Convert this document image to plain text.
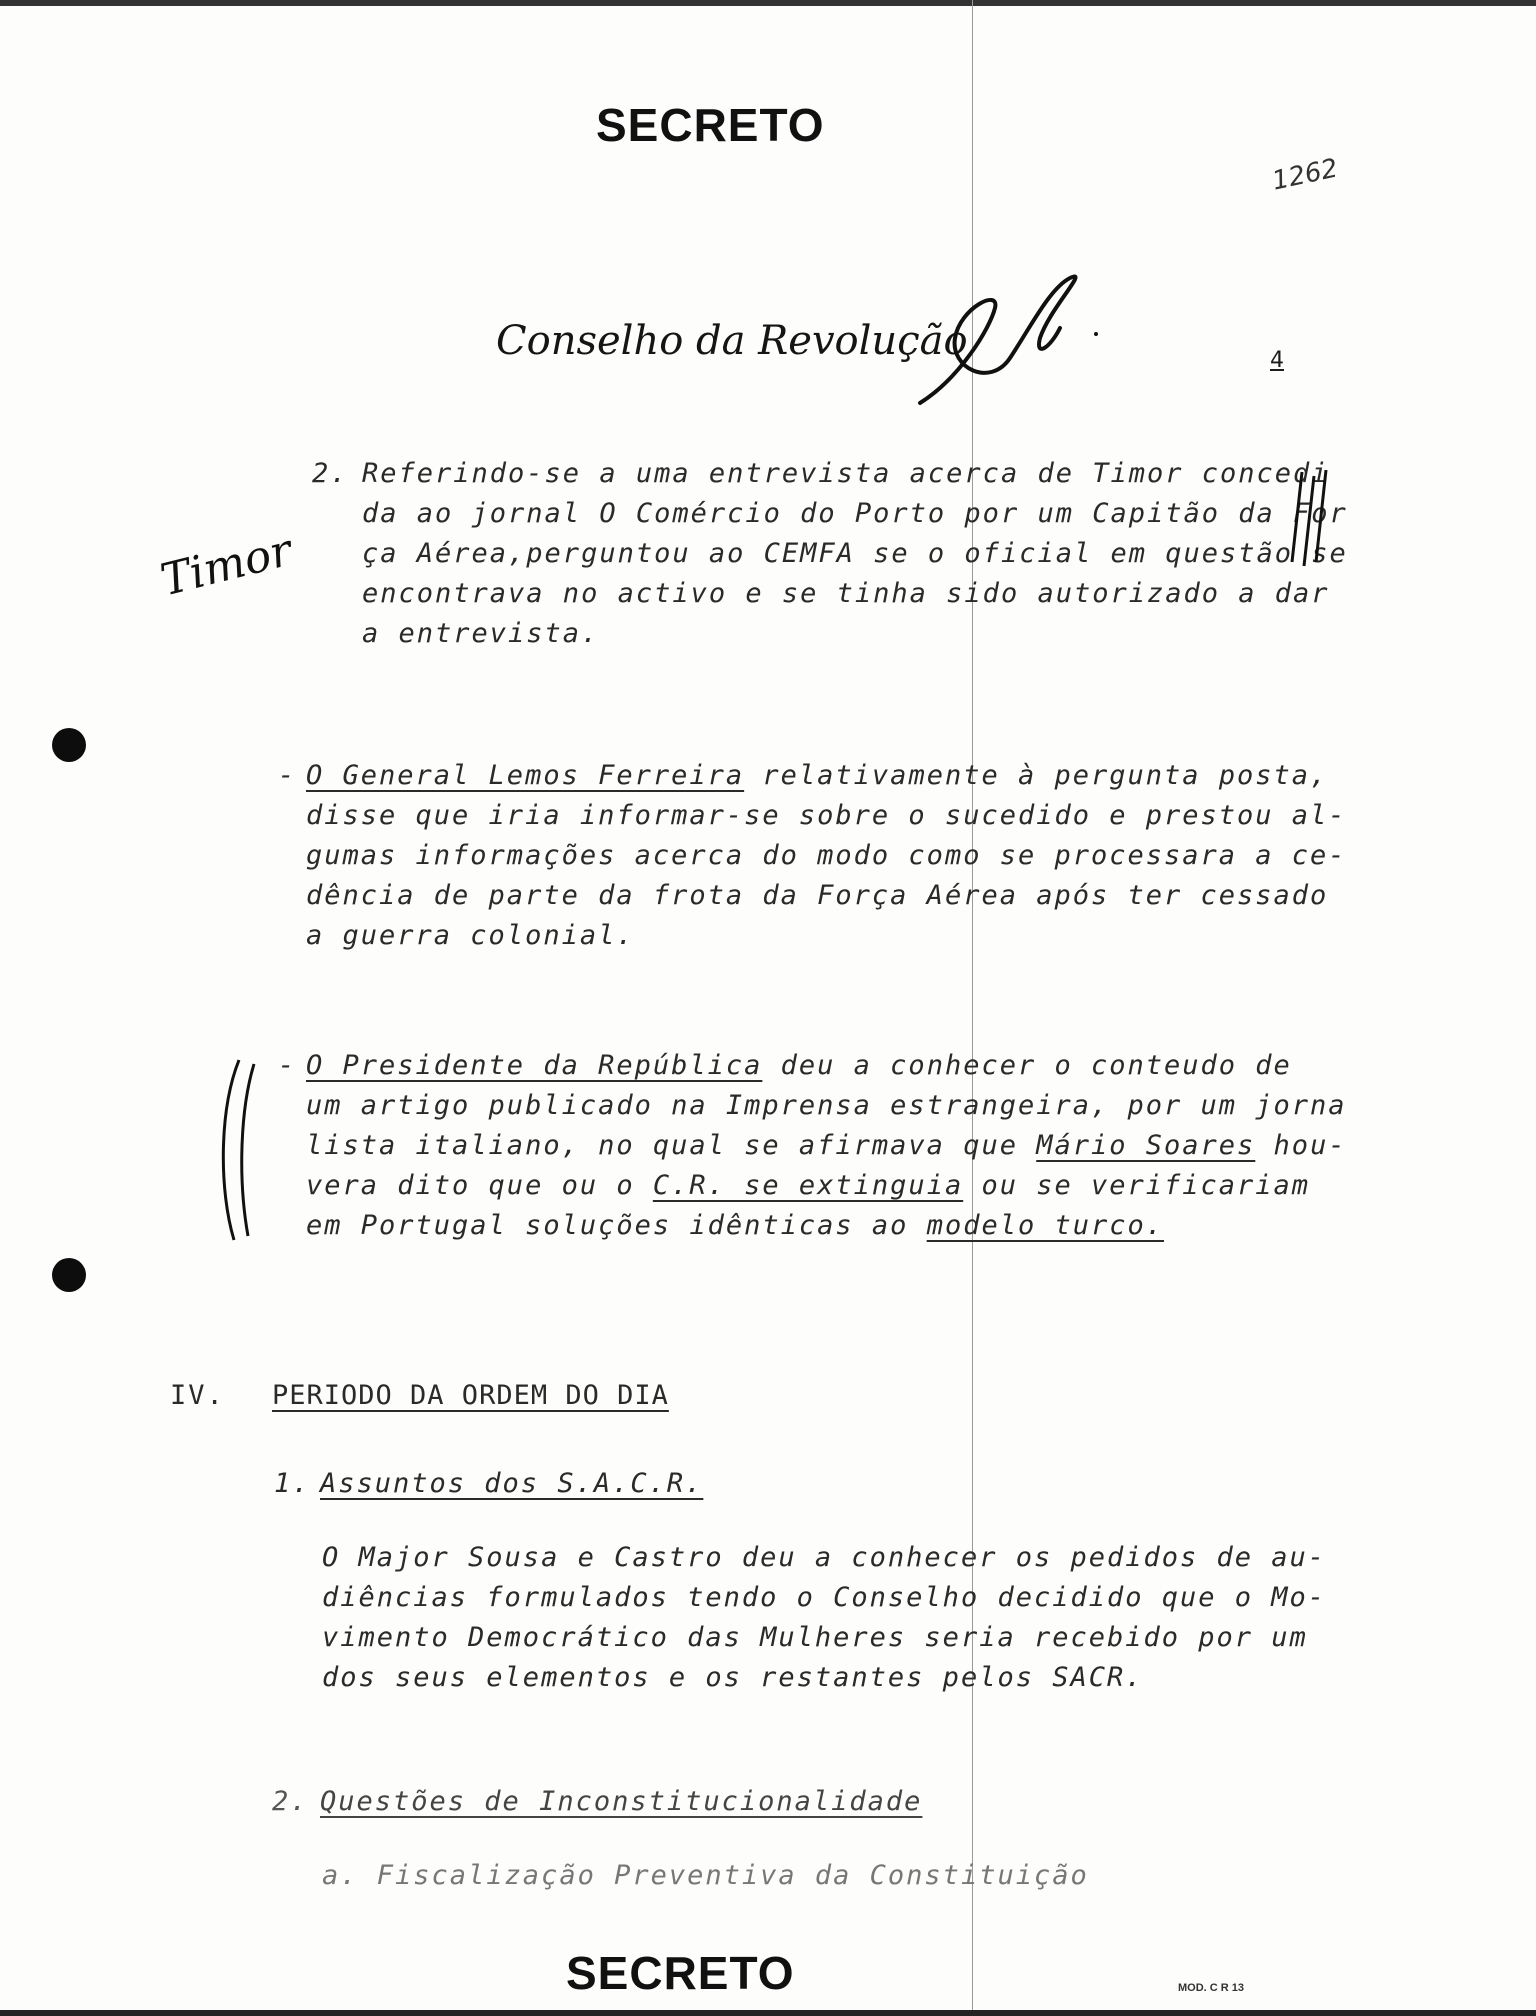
SECRETO
1262
Conselho da Revolução	4
2. Referindo-se a uma entrevista acerca de Timor concedi
da ao jornal O Comércio do Porto por um Capitão da For
ça Aérea,perguntou ao CEMFA se o oficial em questão se
encontrava no activo e se tinha sido autorizado a dar
a entrevista.
Timor
- O General Lemos Ferreira relativamente à pergunta posta,
disse que iria informar-se sobre o sucedido e prestou al-
gumas informações acerca do modo como se processara a ce-
dência de parte da frota da Força Aérea após ter cessado
a guerra colonial.
- O Presidente da República deu a conhecer o conteudo de
um artigo publicado na Imprensa estrangeira, por um jorna
lista italiano, no qual se afirmava que Mário Soares hou-
vera dito que ou o C.R. se extinguia ou se verificariam
em Portugal soluções idênticas ao modelo turco.
IV. PERIODO DA ORDEM DO DIA
1. Assuntos dos S.A.C.R.
O Major Sousa e Castro deu a conhecer os pedidos de au-
diências formulados tendo o Conselho decidido que o Mo-
vimento Democrático das Mulheres seria recebido por um
dos seus elementos e os restantes pelos SACR.
2. Questões de Inconstitucionalidade
a. Fiscalização Preventiva da Constituição
SECRETO	MOD. C R 13
